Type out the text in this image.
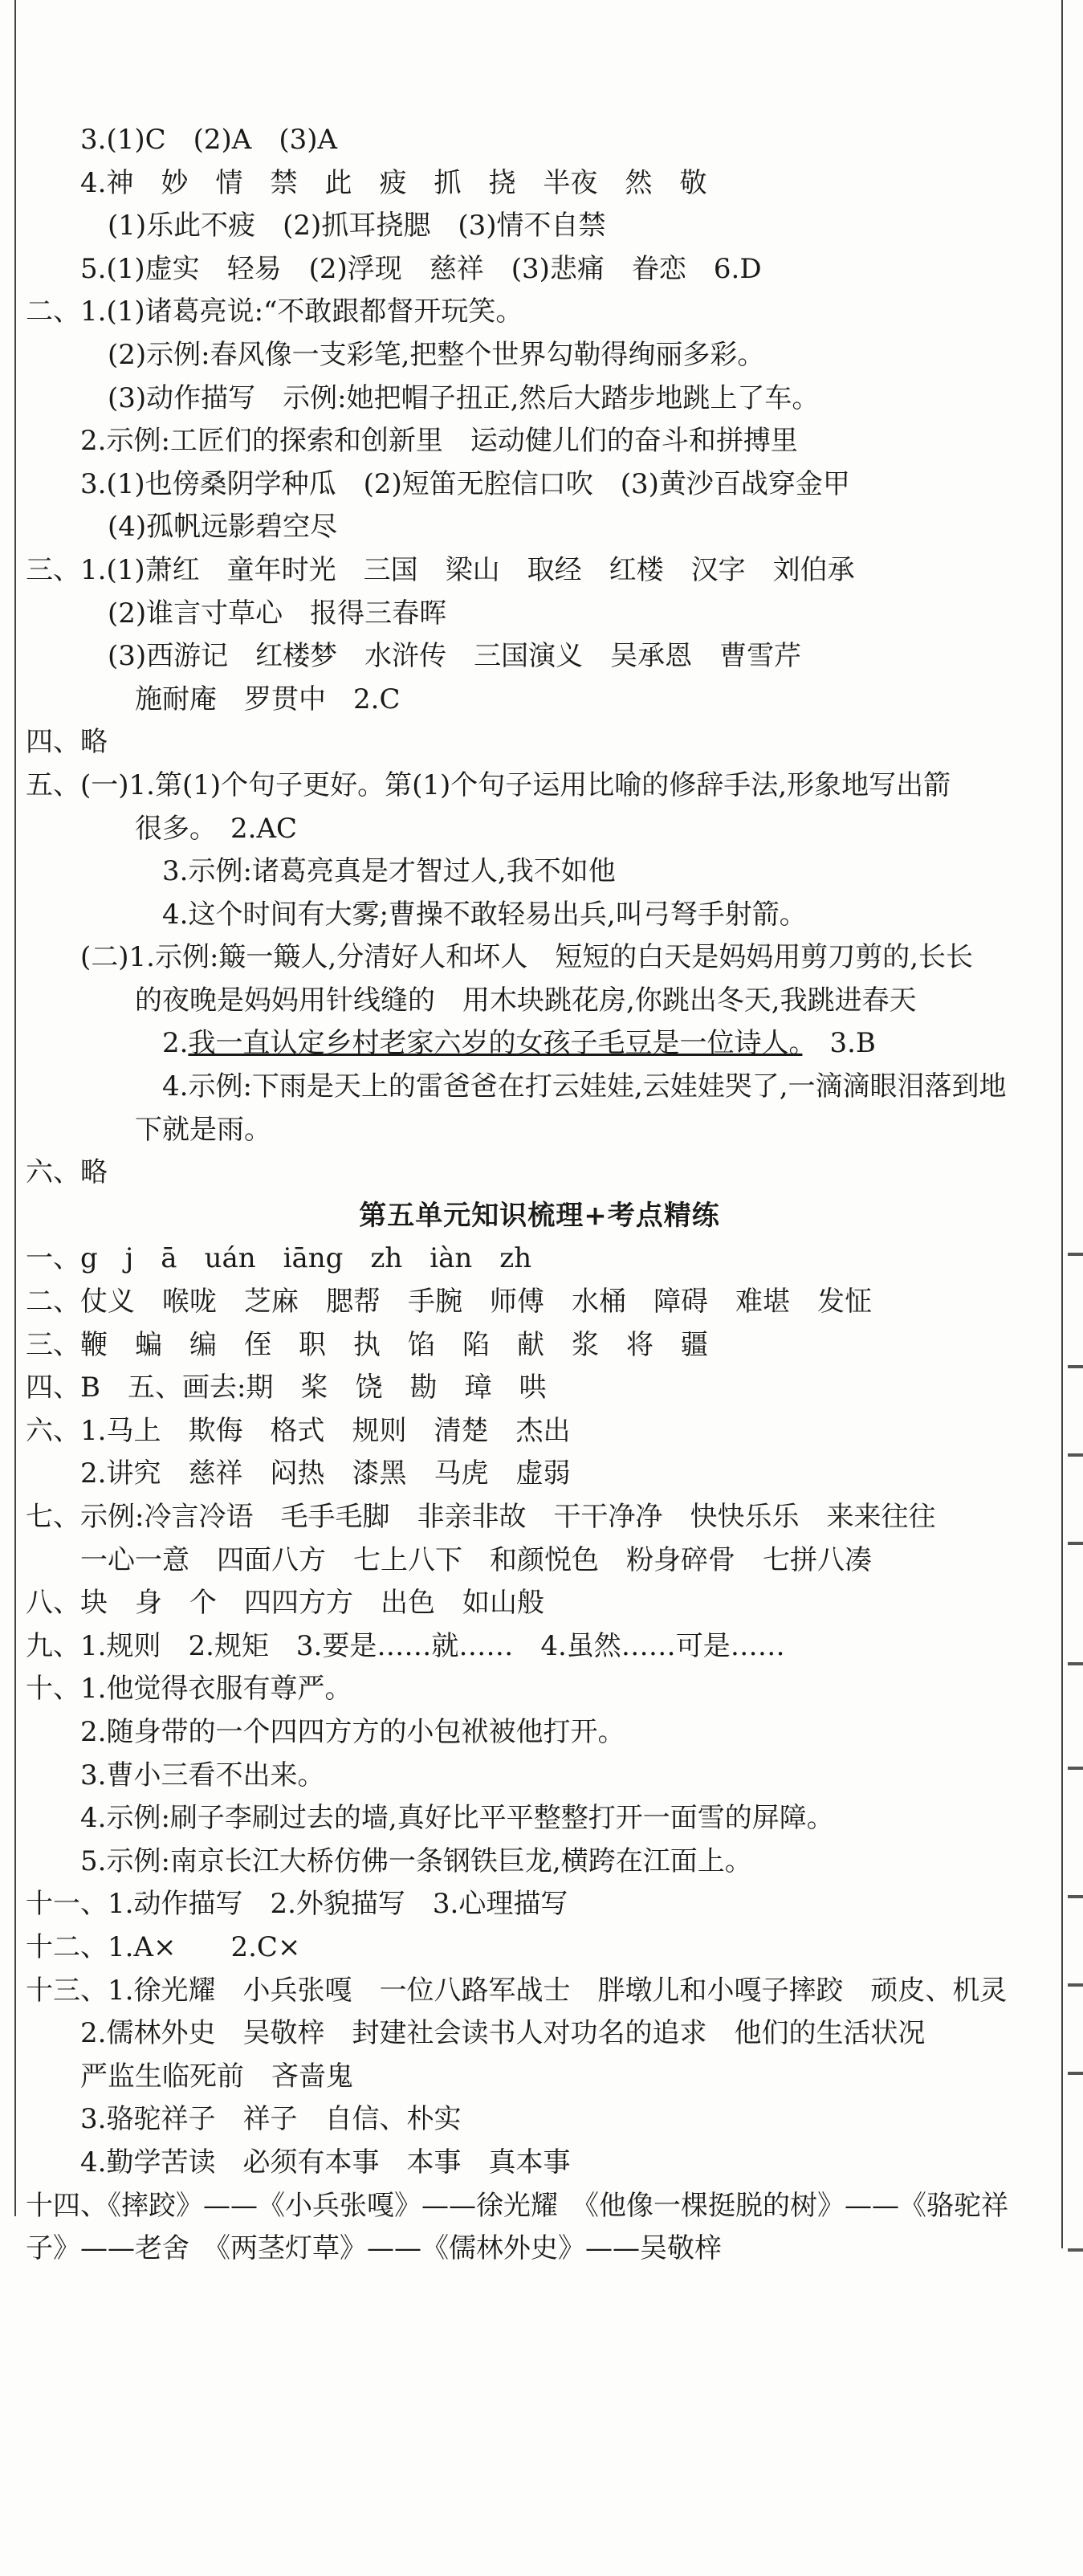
3.(1)C　(2)A　(3)A
4.神　妙　情　禁　此　疲　抓　挠　半夜　然　敬
(1)乐此不疲　(2)抓耳挠腮　(3)情不自禁
5.(1)虚实　轻易　(2)浮现　慈祥　(3)悲痛　眷恋　6.D
二、1.(1)诸葛亮说:“不敢跟都督开玩笑。
(2)示例:春风像一支彩笔,把整个世界勾勒得绚丽多彩。
(3)动作描写　示例:她把帽子扭正,然后大踏步地跳上了车。
2.示例:工匠们的探索和创新里　运动健儿们的奋斗和拼搏里
3.(1)也傍桑阴学种瓜　(2)短笛无腔信口吹　(3)黄沙百战穿金甲
(4)孤帆远影碧空尽
三、1.(1)萧红　童年时光　三国　梁山　取经　红楼　汉字　刘伯承
(2)谁言寸草心　报得三春晖
(3)西游记　红楼梦　水浒传　三国演义　吴承恩　曹雪芹
施耐庵　罗贯中　2.C
四、略
五、(一)1.第(1)个句子更好。第(1)个句子运用比喻的修辞手法,形象地写出箭
很多。　2.AC
3.示例:诸葛亮真是才智过人,我不如他
4.这个时间有大雾;曹操不敢轻易出兵,叫弓弩手射箭。
(二)1.示例:簸一簸人,分清好人和坏人　短短的白天是妈妈用剪刀剪的,长长
的夜晚是妈妈用针线缝的　用木块跳花房,你跳出冬天,我跳进春天
2.我一直认定乡村老家六岁的女孩子毛豆是一位诗人。　3.B
4.示例:下雨是天上的雷爸爸在打云娃娃,云娃娃哭了,一滴滴眼泪落到地
下就是雨。
六、略
第五单元知识梳理+考点精练
一、g　j　ā　uán　iāng　zh　iàn　zh
二、仗义　喉咙　芝麻　腮帮　手腕　师傅　水桶　障碍　难堪　发怔
三、鞭　蝙　编　侄　职　执　馅　陷　献　浆　将　疆
四、B　五、画去:期　桨　饶　勘　璋　哄
六、1.马上　欺侮　格式　规则　清楚　杰出
2.讲究　慈祥　闷热　漆黑　马虎　虚弱
七、示例:冷言冷语　毛手毛脚　非亲非故　干干净净　快快乐乐　来来往往
一心一意　四面八方　七上八下　和颜悦色　粉身碎骨　七拼八凑
八、块　身　个　四四方方　出色　如山般
九、1.规则　2.规矩　3.要是……就……　4.虽然……可是……
十、1.他觉得衣服有尊严。
2.随身带的一个四四方方的小包袱被他打开。
3.曹小三看不出来。
4.示例:刷子李刷过去的墙,真好比平平整整打开一面雪的屏障。
5.示例:南京长江大桥仿佛一条钢铁巨龙,横跨在江面上。
十一、1.动作描写　2.外貌描写　3.心理描写
十二、1.A×　　2.C×
十三、1.徐光耀　小兵张嘎　一位八路军战士　胖墩儿和小嘎子摔跤　顽皮、机灵
2.儒林外史　吴敬梓　封建社会读书人对功名的追求　他们的生活状况
严监生临死前　吝啬鬼
3.骆驼祥子　祥子　自信、朴实
4.勤学苦读　必须有本事　本事　真本事
十四、《摔跤》——《小兵张嘎》——徐光耀　《他像一棵挺脱的树》——《骆驼祥
子》——老舍　《两茎灯草》——《儒林外史》——吴敬梓
